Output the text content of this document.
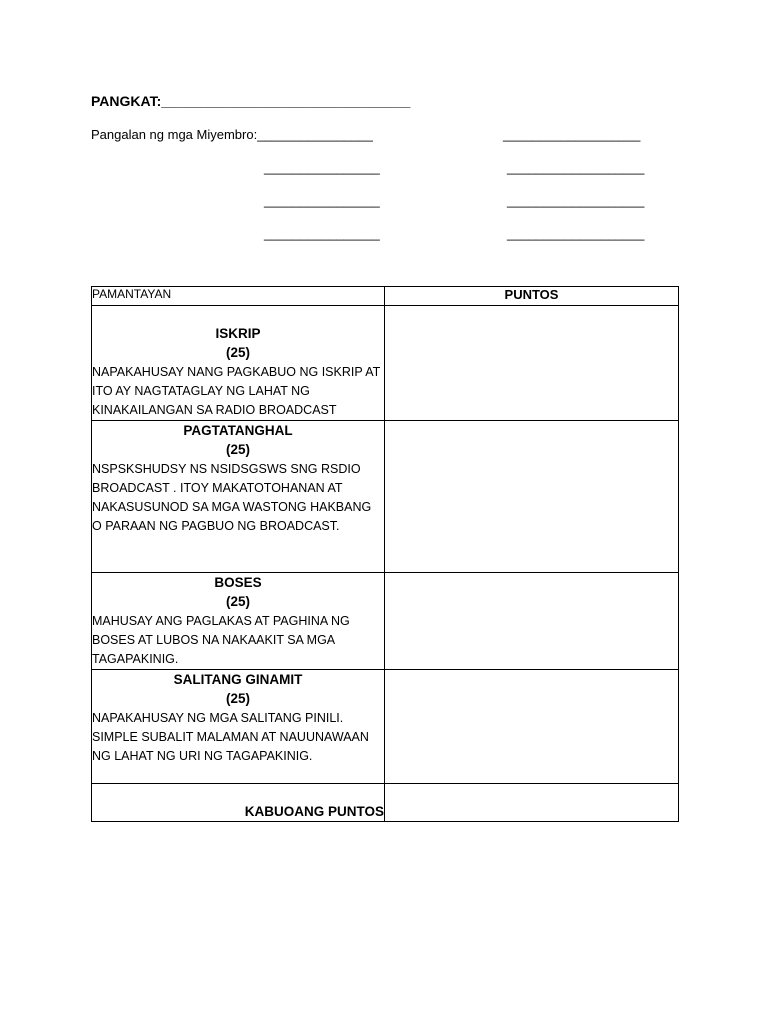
PANGKAT:________________________________
Pangalan ng mga Miyembro:________________	___________________
________________	___________________
________________	___________________
________________	___________________
PAMANTAYAN	PUNTOS

ISKRIP
(25)
NAPAKAHUSAY NANG PAGKABUO NG ISKRIP AT ITO AY NAGTATAGLAY NG LAHAT NG KINAKAILANGAN SA RADIO BROADCAST	

PAGTATANGHAL
(25)
NSPSKSHUDSY NS NSIDSGSWS SNG RSDIO BROADCAST . ITOY MAKATOTOHANAN AT NAKASUSUNOD SA MGA WASTONG HAKBANG O PARAAN NG PAGBUO NG BROADCAST.	

BOSES
(25)
MAHUSAY ANG PAGLAKAS AT PAGHINA NG BOSES AT LUBOS NA NAKAAKIT SA MGA TAGAPAKINIG.	

SALITANG GINAMIT
(25)
NAPAKAHUSAY NG MGA SALITANG PINILI. SIMPLE SUBALIT MALAMAN AT NAUUNAWAAN NG LAHAT NG URI NG TAGAPAKINIG.	

KABUOANG PUNTOS	
